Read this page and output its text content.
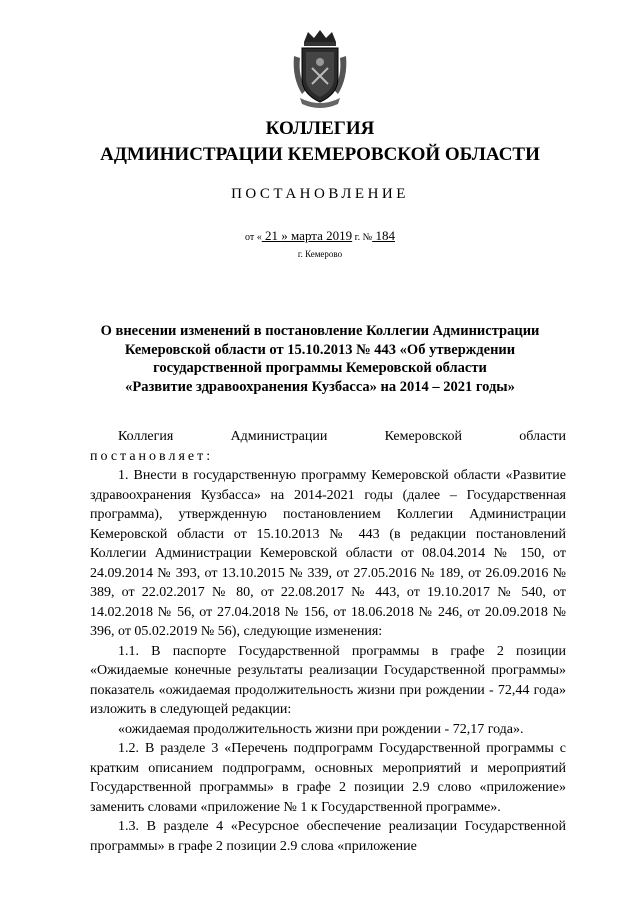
КОЛЛЕГИЯ
АДМИНИСТРАЦИИ КЕМЕРОВСКОЙ ОБЛАСТИ
ПОСТАНОВЛЕНИЕ
от « 21 » марта 2019 г. № 184
г. Кемерово
О внесении изменений в постановление Коллегии Администрации
Кемеровской области от 15.10.2013 № 443 «Об утверждении
государственной программы Кемеровской области
«Развитие здравоохранения Кузбасса» на 2014 – 2021 годы»

Коллегия	Администрации	Кемеровской	области

постановляет:

1. Внести в государственную программу Кемеровской области «Развитие здравоохранения Кузбасса» на 2014-2021 годы (далее – Государственная программа), утвержденную постановлением Коллегии Администрации Кемеровской области от 15.10.2013 № 443 (в редакции постановлений Коллегии Администрации Кемеровской области от 08.04.2014 № 150, от 24.09.2014 № 393, от 13.10.2015 № 339, от 27.05.2016 № 189, от 26.09.2016 № 389, от 22.02.2017 № 80, от 22.08.2017 № 443, от 19.10.2017 № 540, от 14.02.2018 № 56, от 27.04.2018 № 156, от 18.06.2018 № 246, от 20.09.2018 № 396, от 05.02.2019 № 56), следующие изменения:

1.1. В паспорте Государственной программы в графе 2 позиции «Ожидаемые конечные результаты реализации Государственной программы» показатель «ожидаемая продолжительность жизни при рождении - 72,44 года» изложить в следующей редакции:

«ожидаемая продолжительность жизни при рождении - 72,17 года».

1.2. В разделе 3 «Перечень подпрограмм Государственной программы с кратким описанием подпрограмм, основных мероприятий и мероприятий Государственной программы» в графе 2 позиции 2.9 слово «приложение» заменить словами «приложение № 1 к Государственной программе».

1.3. В разделе 4 «Ресурсное обеспечение реализации Государственной программы» в графе 2 позиции 2.9 слова «приложение
